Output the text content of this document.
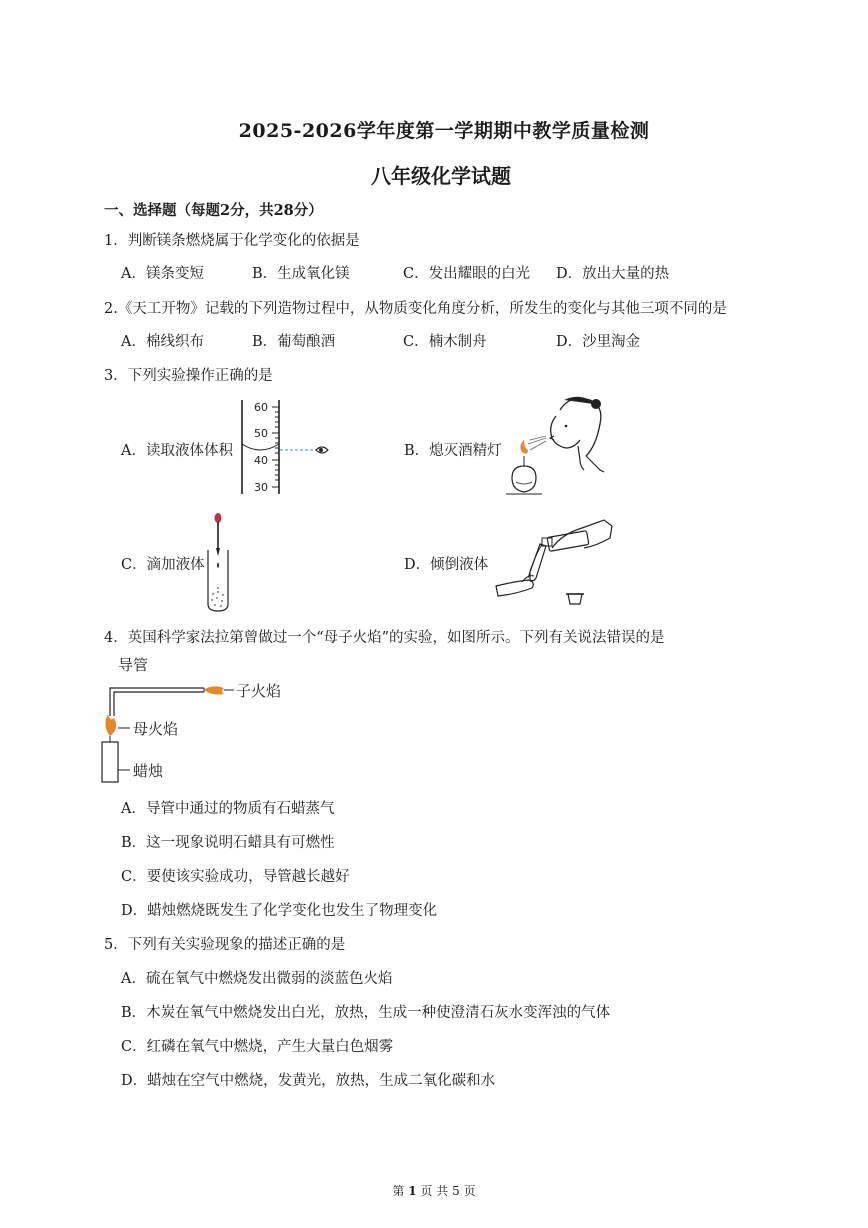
2025-2026学年度第一学期期中教学质量检测
八年级化学试题
一、选择题（每题2分，共28分）
1．判断镁条燃烧属于化学变化的依据是
A．镁条变短	B．生成氧化镁	C．发出耀眼的白光 D．放出大量的热
2.《天工开物》记载的下列造物过程中，从物质变化角度分析，所发生的变化与其他三项不同的是
A．棉线织布	B．葡萄酿酒	C．楠木制舟	D．沙里淘金
3．下列实验操作正确的是
A．读取液体体积
60
50
40
30
B．熄灭酒精灯
C．滴加液体	D．倾倒液体
4．英国科学家法拉第曾做过一个“母子火焰”的实验，如图所示。下列有关说法错误的是
导管
子火焰
母火焰
蜡烛
A．导管中通过的物质有石蜡蒸气
B．这一现象说明石蜡具有可燃性
C．要使该实验成功，导管越长越好
D．蜡烛燃烧既发生了化学变化也发生了物理变化
5．下列有关实验现象的描述正确的是
A．硫在氧气中燃烧发出微弱的淡蓝色火焰
B．木炭在氧气中燃烧发出白光，放热，生成一种使澄清石灰水变浑浊的气体
C．红磷在氧气中燃烧，产生大量白色烟雾
D．蜡烛在空气中燃烧，发黄光，放热，生成二氧化碳和水
第 1 页 共 5 页
